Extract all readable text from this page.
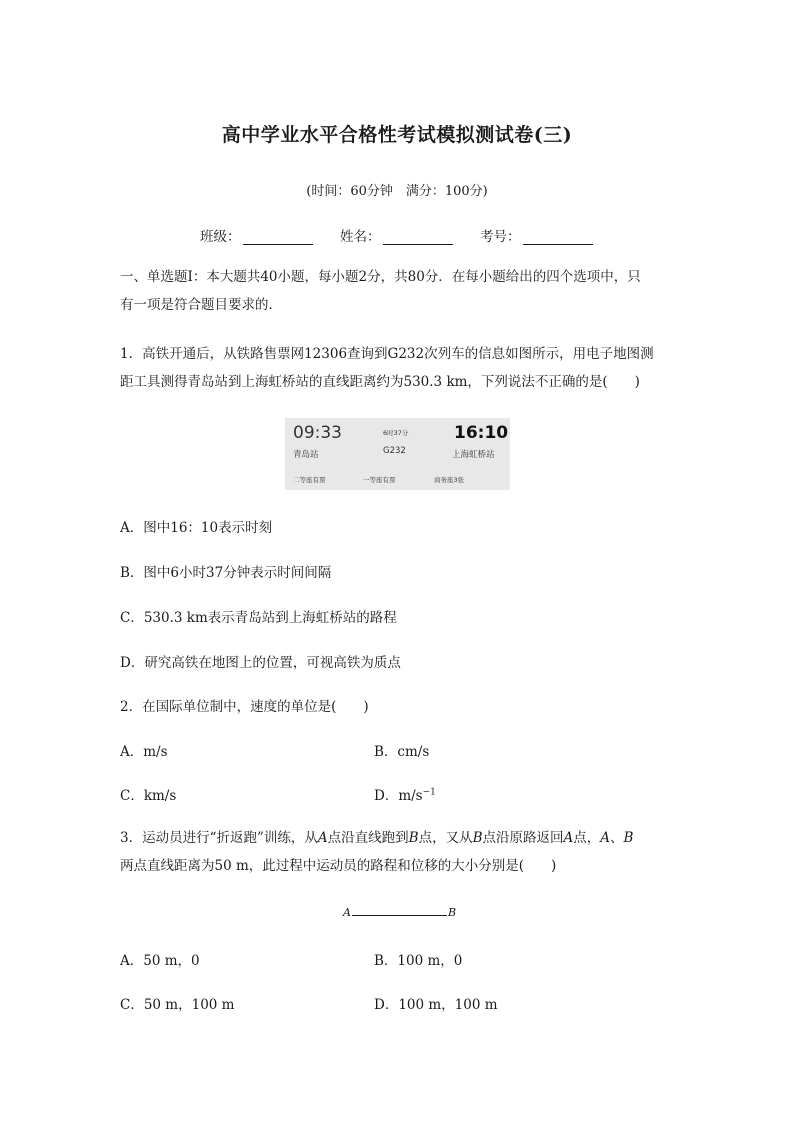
高中学业水平合格性考试模拟测试卷(三)
(时间：60分钟　满分：100分)
班级：	姓名：	考号：
一、单选题Ⅰ：本大题共40小题，每小题2分，共80分．在每小题给出的四个选项中，只
有一项是符合题目要求的．
1．高铁开通后，从铁路售票网12306查询到G232次列车的信息如图所示，用电子地图测
距工具测得青岛站到上海虹桥站的直线距离约为530.3 km，下列说法不正确的是(　　)
09:33
青岛站
6时37分
G232
16:10
上海虹桥站
二等座有票	一等座有票	商务座3张
A．图中16：10表示时刻
B．图中6小时37分钟表示时间间隔
C．530.3 km表示青岛站到上海虹桥站的路程
D．研究高铁在地图上的位置，可视高铁为质点
2．在国际单位制中，速度的单位是(　　)
A．m/s	B．cm/s
C．km/s	D．$m/s^{-1}$
3．运动员进行“折返跑”训练，从A点沿直线跑到B点，又从B点沿原路返回A点，A、B
两点直线距离为50 m，此过程中运动员的路程和位移的大小分别是(　　)
A	B
A．50 m，0	B．100 m，0
C．50 m，100 m	D．100 m，100 m
